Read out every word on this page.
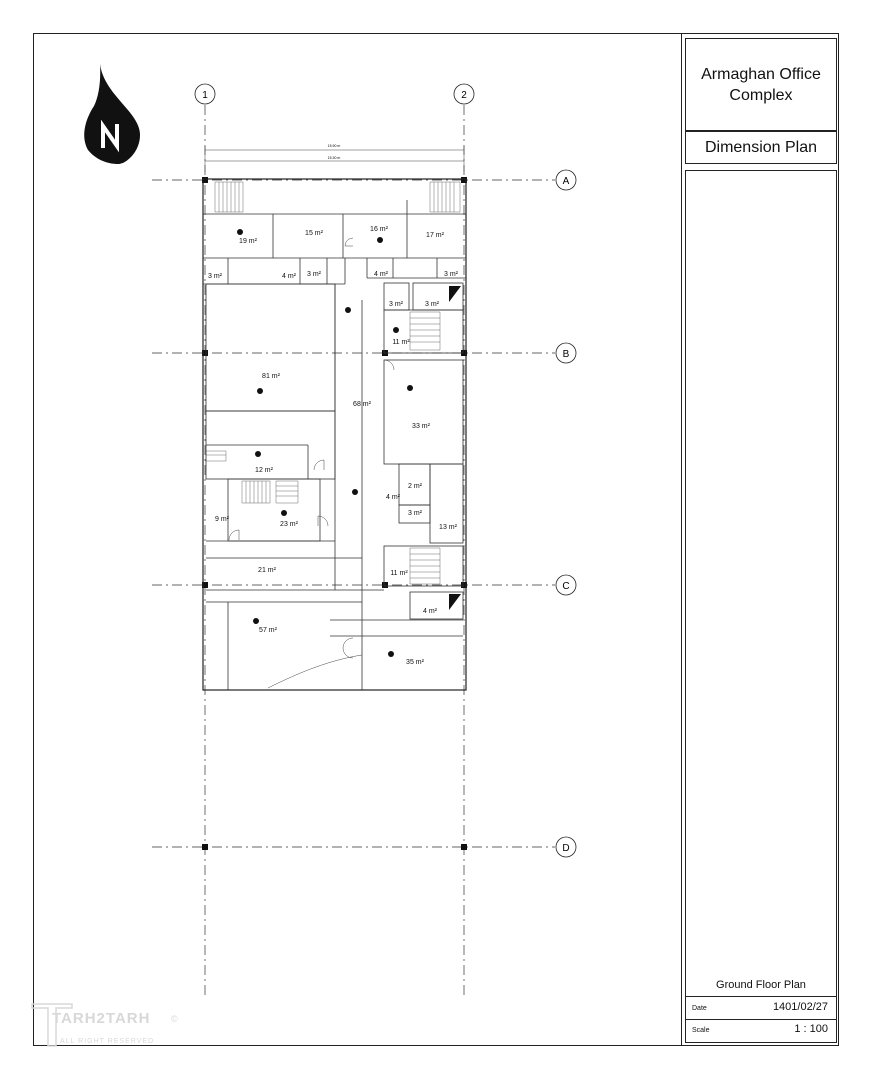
Armaghan Office Complex
Dimension Plan
Ground Floor Plan
Date	1401/02/27
Scale	1 : 100
1	2
A
B
C
D
15.90 m
15.30 m
19 m²
15 m²
16 m²
17 m²
3 m²	4 m² 3 m²	4 m²	3 m²
3 m²	3 m²
11 m²
81 m²
68 m²
33 m²
12 m²
2 m²
4 m²
3 m²
13 m²
9 m²
23 m²
21 m²	11 m²
4 m²
57 m²
35 m²
TARH2TARH
ALL RIGHT RESERVED
©
